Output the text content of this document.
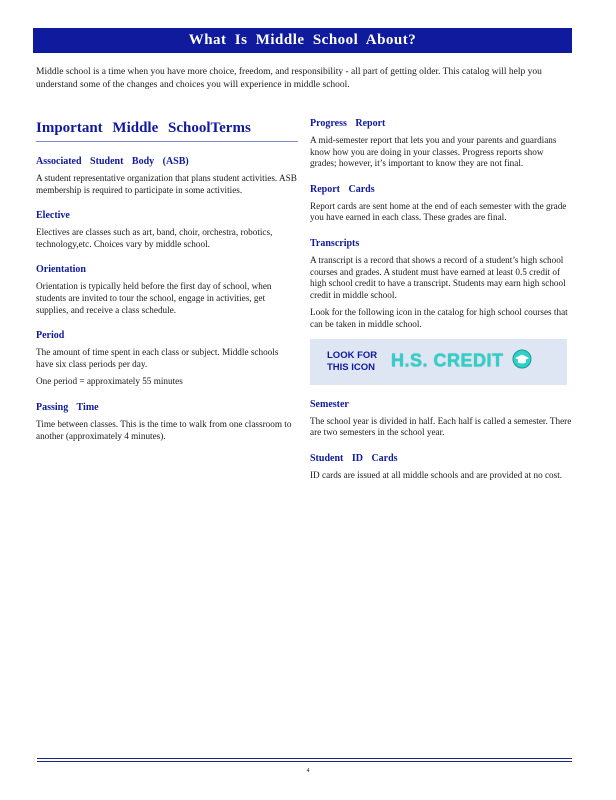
What Is Middle School About?

Middle school is a time when you have more choice, freedom, and responsibility - all part of getting older. This catalog will help you understand some of the changes and choices you will experience in middle school.

Important Middle SchoolTerms
Associated Student Body (ASB)

A student representative organization that plans student activities. ASB membership is required to participate in some activities.

Elective

Electives are classes such as art, band, choir, orchestra, robotics, technology,etc. Choices vary by middle school.

Orientation

Orientation is typically held before the first day of school, when students are invited to tour the school, engage in activities, get supplies, and receive a class schedule.

Period

The amount of time spent in each class or subject. Middle schools have six class periods per day.

One period = approximately 55 minutes

Passing Time

Time between classes. This is the time to walk from one classroom to another (approximately 4 minutes).

Progress Report

A mid-semester report that lets you and your parents and guardians know how you are doing in your classes. Progress reports show grades; however, it’s important to know they are not final.

Report Cards

Report cards are sent home at the end of each semester with the grade you have earned in each class. These grades are final.

Transcripts

A transcript is a record that shows a record of a student’s high school courses and grades. A student must have earned at least 0.5 credit of high school credit to have a transcript. Students may earn high school credit in middle school.

Look for the following icon in the catalog for high school courses that can be taken in middle school.

LOOK FOR
THIS ICON H.S. CREDIT
Semester

The school year is divided in half. Each half is called a semester. There are two semesters in the school year.

Student ID Cards

ID cards are issued at all middle schools and are provided at no cost.

4
